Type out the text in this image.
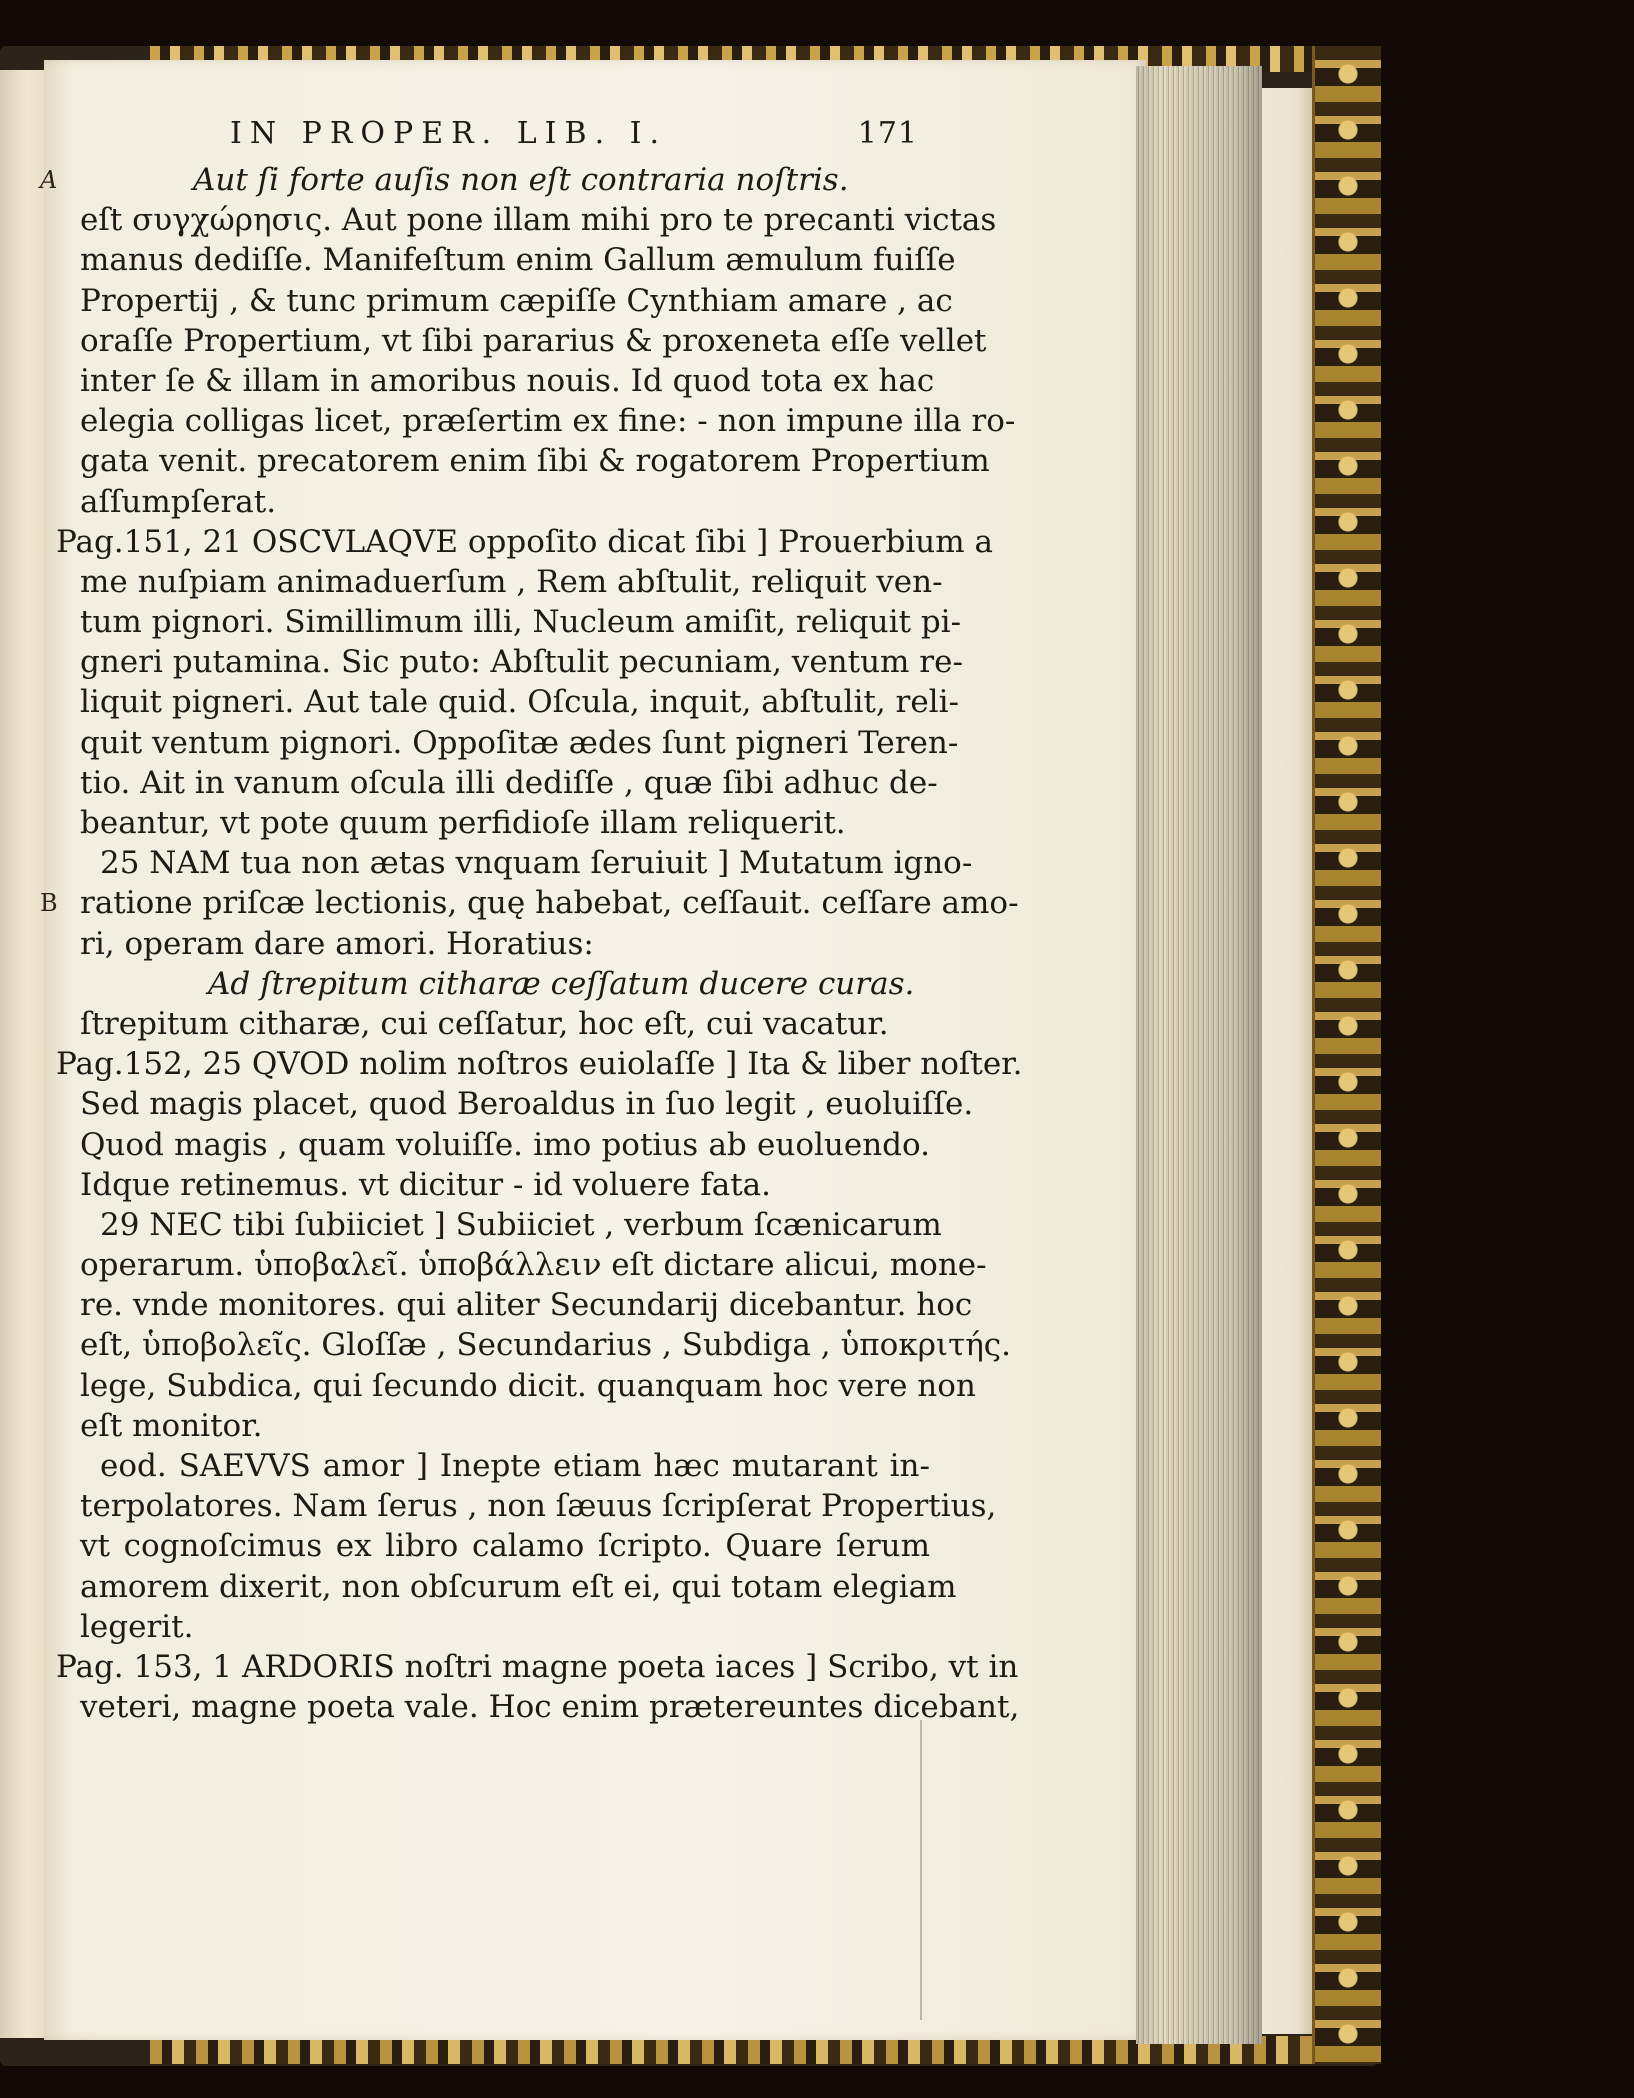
IN PROPER. LIB. I.	171
Aut ſi forte auſis non eſt contraria noſtris.
A
eſt συγχώρησις. Aut pone illam mihi pro te precanti victas
manus dediſſe. Manifeſtum enim Gallum æmulum fuiſſe
Propertij , & tunc primum cæpiſſe Cynthiam amare , ac
oraſſe Propertium, vt ſibi pararius & proxeneta eſſe vellet
inter ſe & illam in amoribus nouis. Id quod tota ex hac
elegia colligas licet, præſertim ex fine: - non impune illa ro-
gata venit. precatorem enim ſibi & rogatorem Propertium
aſſumpſerat.
Pag.151, 21 OSCVLAQVE oppoſito dicat ſibi ] Prouerbium a
me nuſpiam animaduerſum , Rem abſtulit, reliquit ven-
tum pignori. Simillimum illi, Nucleum amiſit, reliquit pi-
gneri putamina. Sic puto: Abſtulit pecuniam, ventum re-
liquit pigneri. Aut tale quid. Oſcula, inquit, abſtulit, reli-
quit ventum pignori. Oppoſitæ ædes ſunt pigneri Teren-
tio. Ait in vanum oſcula illi dediſſe , quæ ſibi adhuc de-
beantur, vt pote quum perfidioſe illam reliquerit.
25 NAM tua non ætas vnquam ſeruiuit ] Mutatum igno-
ratione priſcæ lectionis, quę habebat, ceſſauit. ceſſare amo-
B
ri, operam dare amori. Horatius:
Ad ſtrepitum citharæ ceſſatum ducere curas.
ſtrepitum citharæ, cui ceſſatur, hoc eſt, cui vacatur.
Pag.152, 25 QVOD nolim noſtros euiolaſſe ] Ita & liber noſter.
Sed magis placet, quod Beroaldus in ſuo legit , euoluiſſe.
Quod magis , quam voluiſſe. imo potius ab euoluendo.
Idque retinemus. vt dicitur - id voluere fata.
29 NEC tibi ſubiiciet ] Subiiciet , verbum ſcænicarum
operarum. ὑποβαλεῖ. ὑποβάλλειν eſt dictare alicui, mone-
re. vnde monitores. qui aliter Secundarij dicebantur. hoc
eſt, ὑποβολεῖς. Gloſſæ , Secundarius , Subdiga , ὑποκριτής.
lege, Subdica, qui ſecundo dicit. quanquam hoc vere non
eſt monitor.
eod. SAEVVS amor ] Inepte etiam hæc mutarant in-
terpolatores. Nam ſerus , non ſæuus ſcripſerat Propertius,
vt cognoſcimus ex libro calamo ſcripto. Quare ſerum
amorem dixerit, non obſcurum eſt ei, qui totam elegiam
legerit.
Pag. 153, 1 ARDORIS noſtri magne poeta iaces ] Scribo, vt in
veteri, magne poeta vale. Hoc enim prætereuntes dicebant,
